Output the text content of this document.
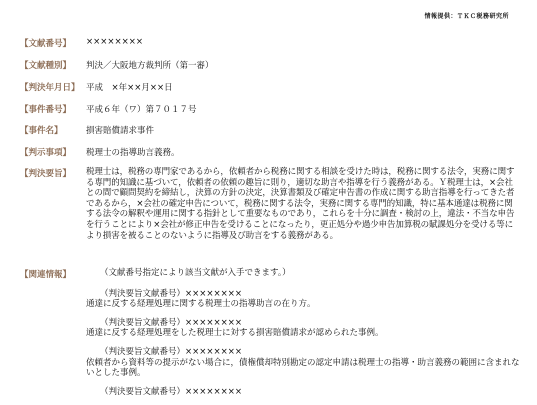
情報提供：ＴＫＣ税務研究所
【文献番号】 ××××××××
【文献種別】 判決／大阪地方裁判所（第一審）
【判決年月日】 平成　×年××月××日
【事件番号】 平成６年（ワ）第７０１７号
【事件名】	損害賠償請求事件
【判示事項】 税理士の指導助言義務。
【判決要旨】 税理士は，税務の専門家であるから，依頼者から税務に関する相談を受けた時は，税務に関する法令，実務に関する専門的知識に基づいて，依頼者の依頼の趣旨に則り，適切な助言や指導を行う義務がある。Ｙ税理士は，×会社との間で顧問契約を締結し，決算の方針の決定，決算書類及び確定申告書の作成に関する助言指導を行ってきた者であるから，×会社の確定申告について，税務に関する法令，実務に関する専門的知識，特に基本通達は税務に関する法令の解釈や運用に関する指針として重要なものであり，これらを十分に調査・検討の上，違法・不当な申告を行うことにより×会社が修正申告を受けることになったり，更正処分や過少申告加算税の賦課処分を受ける等により損害を被ることのないように指導及び助言をする義務がある。
【関連情報】	（文献番号指定により該当文献が入手できます。）
（判決要旨文献番号）××××××××
通達に反する経理処理に関する税理士の指導助言の在り方。
（判決要旨文献番号）××××××××
通達に反する経理処理をした税理士に対する損害賠償請求が認められた事例。
（判決要旨文献番号）××××××××
依頼者から資料等の提示がない場合に，債権償却特別勘定の認定申請は税理士の指導・助言義務の範囲に含まれないとした事例。
（判決要旨文献番号）××××××××
